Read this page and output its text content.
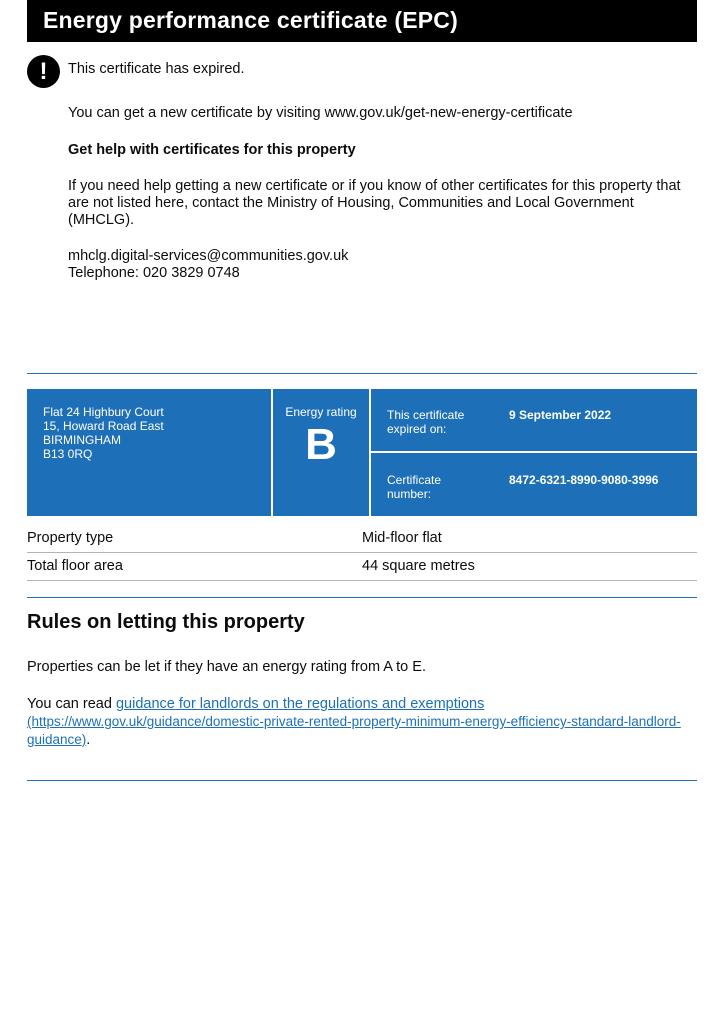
Energy performance certificate (EPC)
!	This certificate has expired.

You can get a new certificate by visiting www.gov.uk/get-new-energy-certificate

Get help with certificates for this property

If you need help getting a new certificate or if you know of other certificates for this property that are not listed here, contact the Ministry of Housing, Communities and Local Government (MHCLG).

mhclg.digital-services@communities.gov.uk

Telephone: 020 3829 0748

Flat 24 Highbury Court
15, Howard Road East
BIRMINGHAM
B13 0RQ
Energy rating
B
This certificate expired on:
9 September 2022
Certificate number:
8472-6321-8990-9080-3996
Property type	Mid-floor flat
Total floor area	44 square metres
Rules on letting this property

Properties can be let if they have an energy rating from A to E.

You can read guidance for landlords on the regulations and exemptions
(https://www.gov.uk/guidance/domestic-private-rented-property-minimum-energy-efficiency-standard-landlord-guidance).
